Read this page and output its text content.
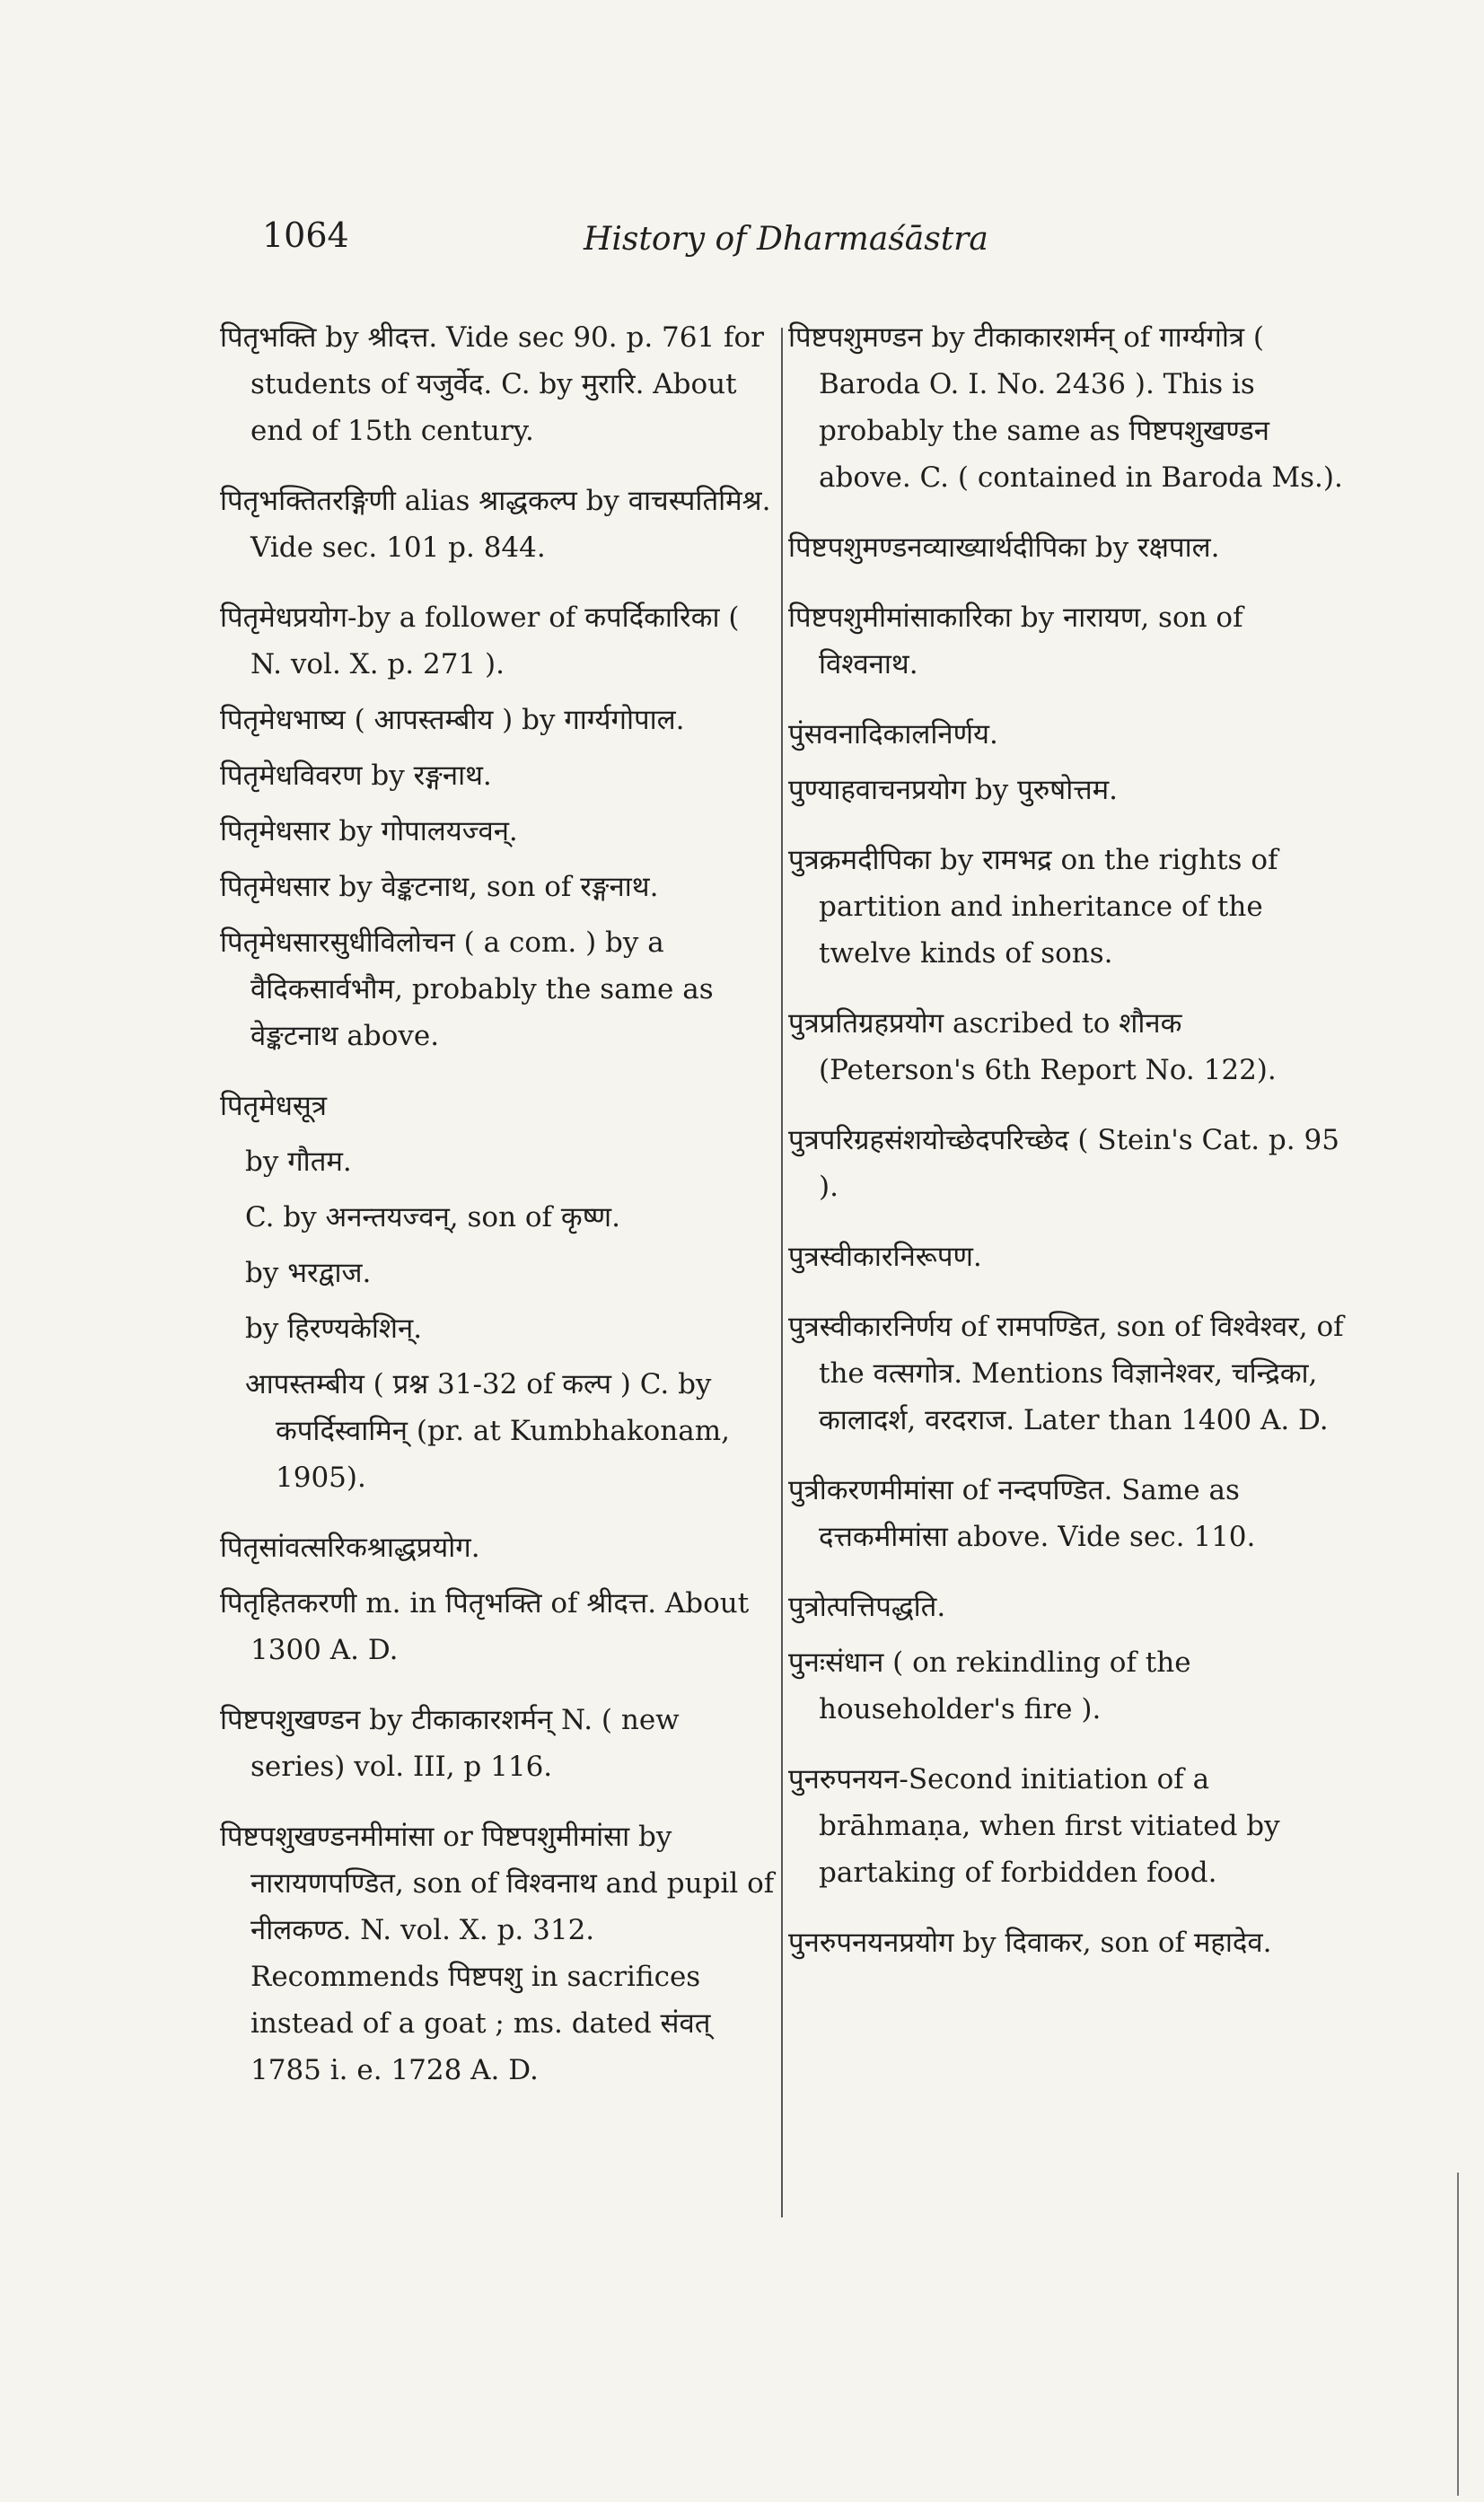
1064	History of Dharmaśāstra
पितृभक्ति by श्रीदत्त. Vide sec 90. p. 761 for students of यजुर्वेद. C. by मुरारि. About end of 15th century.
पितृभक्तितरङ्गिणी alias श्राद्धकल्प by वाचस्पतिमिश्र. Vide sec. 101 p. 844.
पितृमेधप्रयोग-by a follower of कपर्दिकारिका ( N. vol. X. p. 271 ).
पितृमेधभाष्य ( आपस्तम्बीय ) by गार्ग्यगोपाल.
पितृमेधविवरण by रङ्गनाथ.
पितृमेधसार by गोपालयज्वन्.
पितृमेधसार by वेङ्कटनाथ, son of रङ्गनाथ.
पितृमेधसारसुधीविलोचन ( a com. ) by a वैदिकसार्वभौम, probably the same as वेङ्कटनाथ above.
पितृमेधसूत्र
by गौतम.
C. by अनन्तयज्वन्, son of कृष्ण.
by भरद्वाज.
by हिरण्यकेशिन्.
आपस्तम्बीय ( प्रश्न 31-32 of कल्प ) C. by कपर्दिस्वामिन् (pr. at Kumbhakonam, 1905).
पितृसांवत्सरिकश्राद्धप्रयोग.
पितृहितकरणी m. in पितृभक्ति of श्रीदत्त. About 1300 A. D.
पिष्टपशुखण्डन by टीकाकारशर्मन् N. ( new series) vol. III, p 116.
पिष्टपशुखण्डनमीमांसा or पिष्टपशुमीमांसा by नारायणपण्डित, son of विश्वनाथ and pupil of नीलकण्ठ. N. vol. X. p. 312. Recommends पिष्टपशु in sacrifices instead of a goat ; ms. dated संवत् 1785 i. e. 1728 A. D.
पिष्टपशुमण्डन by टीकाकारशर्मन् of गार्ग्यगोत्र ( Baroda O. I. No. 2436 ). This is probably the same as पिष्टपशुखण्डन above. C. ( contained in Baroda Ms.).
पिष्टपशुमण्डनव्याख्यार्थदीपिका by रक्षपाल.
पिष्टपशुमीमांसाकारिका by नारायण, son of विश्वनाथ.
पुंसवनादिकालनिर्णय.
पुण्याहवाचनप्रयोग by पुरुषोत्तम.
पुत्रक्रमदीपिका by रामभद्र on the rights of partition and inheritance of the twelve kinds of sons.
पुत्रप्रतिग्रहप्रयोग ascribed to शौनक (Peterson's 6th Report No. 122).
पुत्रपरिग्रहसंशयोच्छेदपरिच्छेद ( Stein's Cat. p. 95 ).
पुत्रस्वीकारनिरूपण.
पुत्रस्वीकारनिर्णय of रामपण्डित, son of विश्वेश्वर, of the वत्सगोत्र. Mentions विज्ञानेश्वर, चन्द्रिका, कालादर्श, वरदराज. Later than 1400 A. D.
पुत्रीकरणमीमांसा of नन्दपण्डित. Same as दत्तकमीमांसा above. Vide sec. 110.
पुत्रोत्पत्तिपद्धति.
पुनःसंधान ( on rekindling of the householder's fire ).
पुनरुपनयन-Second initiation of a brāhmaṇa, when first vitiated by partaking of forbidden food.
पुनरुपनयनप्रयोग by दिवाकर, son of महादेव.
